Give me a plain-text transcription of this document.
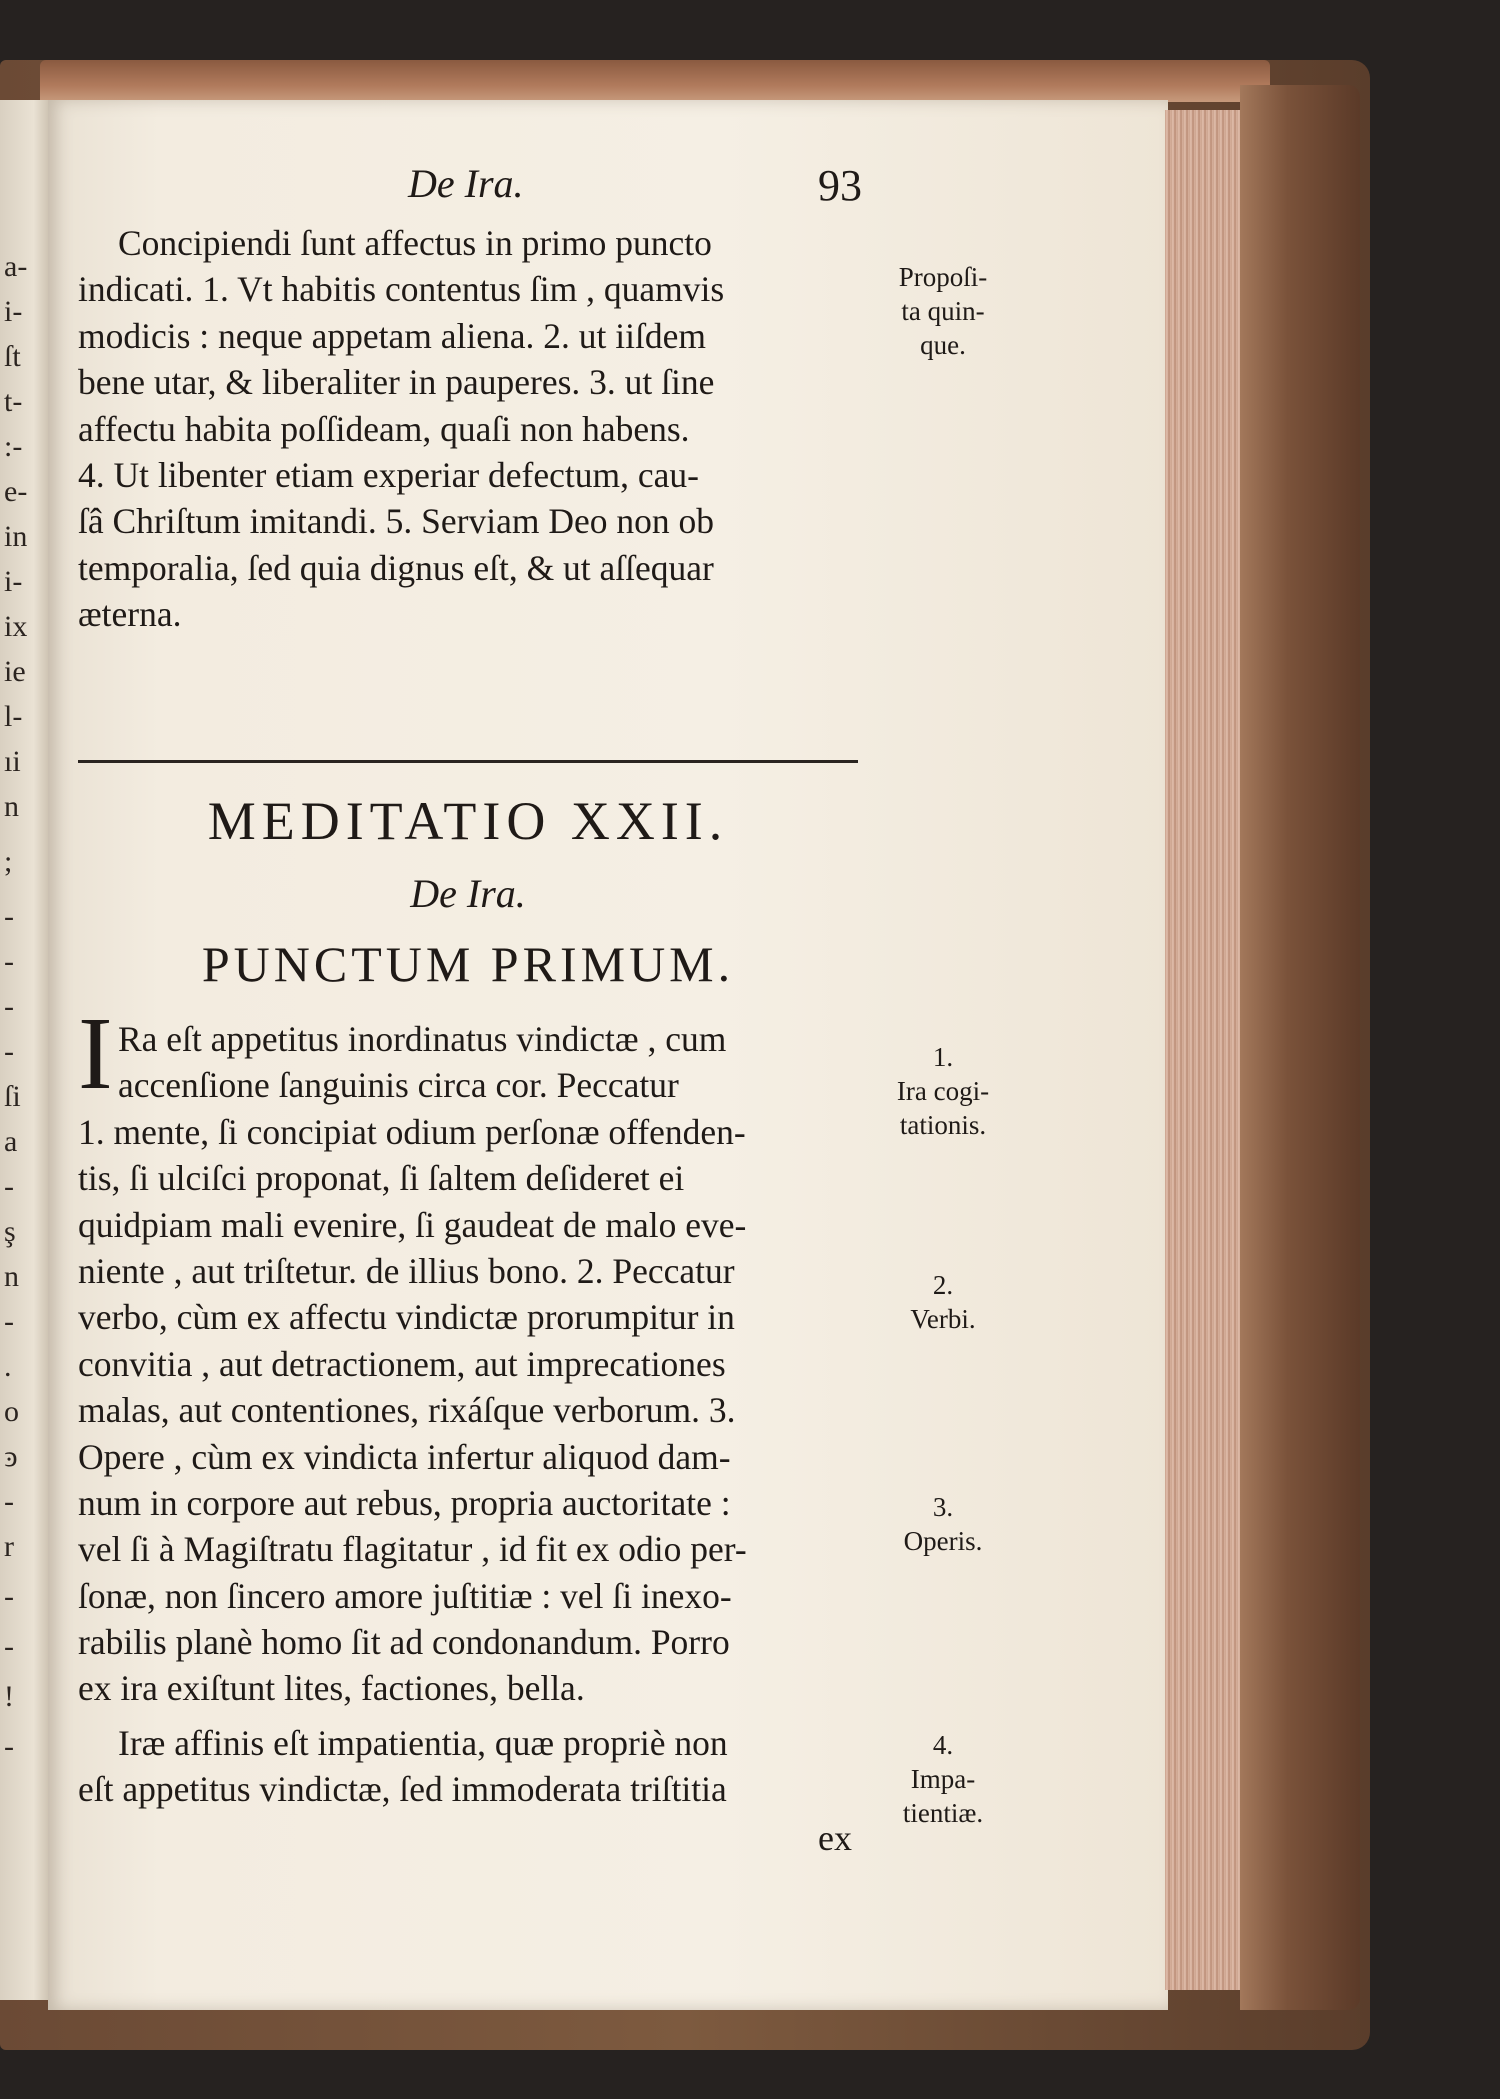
a-
i-
ſt
t-
:-
e-
in
i-
ix
ie
l-
ıi
n
;
-
-
-
-
ſi
a
-
ş
n
-
.
o
ͽ
-
r
-
-
!
-
De Ira.	93
Concipiendi ſunt affectus in primo puncto
indicati. 1. Vt habitis contentus ſim , quamvis
modicis : neque appetam aliena. 2. ut iiſdem
bene utar, & liberaliter in pauperes. 3. ut ſine
affectu habita poſſideam, quaſi non habens.
4. Ut libenter etiam experiar defectum, cau-
ſâ Chriſtum imitandi. 5. Serviam Deo non ob
temporalia, ſed quia dignus eſt, & ut aſſequar
æterna.
Propoſi-
ta quin-
que.
MEDITATIO XXII.
De Ira.
PUNCTUM PRIMUM.
I Ra eſt appetitus inordinatus vindictæ , cum
accenſione ſanguinis circa cor. Peccatur
1. mente, ſi concipiat odium perſonæ offenden-
tis, ſi ulciſci proponat, ſi ſaltem deſideret ei
quidpiam mali evenire, ſi gaudeat de malo eve-
niente , aut triſtetur. de illius bono. 2. Peccatur
verbo, cùm ex affectu vindictæ prorumpitur in
convitia , aut detractionem, aut imprecationes
malas, aut contentiones, rixáſque verborum. 3.
Opere , cùm ex vindicta infertur aliquod dam-
num in corpore aut rebus, propria auctoritate :
vel ſi à Magiſtratu flagitatur , id fit ex odio per-
ſonæ, non ſincero amore juſtitiæ : vel ſi inexo-
rabilis planè homo ſit ad condonandum. Porro
ex ira exiſtunt lites, factiones, bella.
1.
Ira cogi-
tationis.
2.
Verbi.
3.
Operis.
Iræ affinis eſt impatientia, quæ propriè non
eſt appetitus vindictæ, ſed immoderata triſtitia
4.
Impa-
tientiæ.
ex
